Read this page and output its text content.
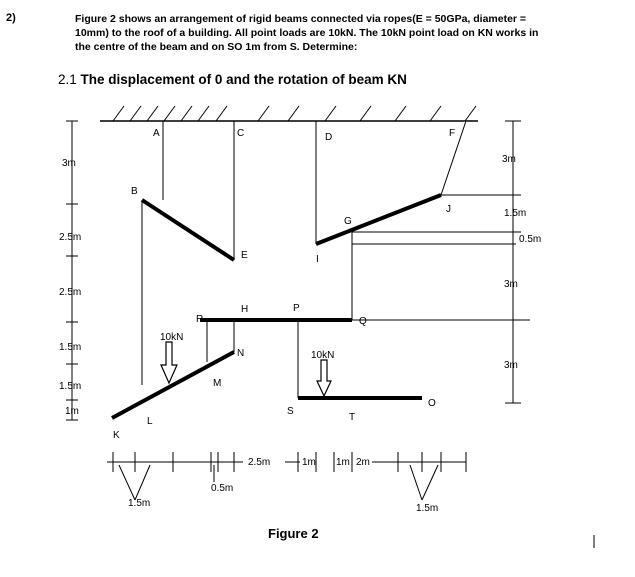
2)	Figure 2 shows an arrangement of rigid beams connected via ropes(E = 50GPa, diameter = 10mm) to the roof of a building. All point loads are 10kN. The 10kN point load on KN works in the centre of the beam and on SO 1m from S. Determine:
2.1 The displacement of 0 and the rotation of beam KN
A
B
C	D
E
F
G
H
I
J
K
L
M
N
O
P
Q
R
S
T
10kN
10kN
3m
2.5m
2.5m
1.5m
1.5m
1m
3m
1.5m
0.5m
3m
3m
1.5m
0.5m
2.5m	1m 1m 2m
1.5m
Figure 2
